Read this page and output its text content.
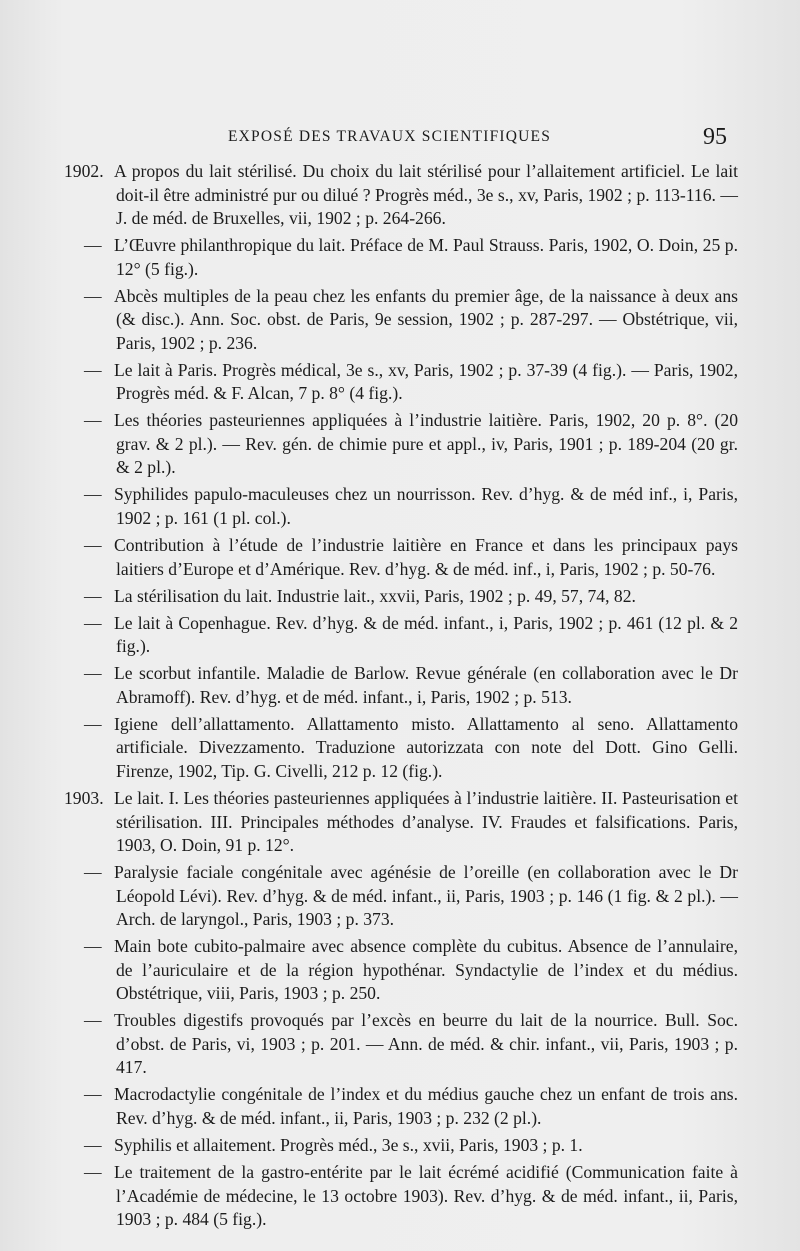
EXPOSÉ DES TRAVAUX SCIENTIFIQUES	95
1902. A propos du lait stérilisé. Du choix du lait stérilisé pour l’allaitement artificiel. Le lait doit-il être administré pur ou dilué ? Progrès méd., 3e s., xv, Paris, 1902 ; p. 113-116. — J. de méd. de Bruxelles, vii, 1902 ; p. 264-266.
— L’Œuvre philanthropique du lait. Préface de M. Paul Strauss. Paris, 1902, O. Doin, 25 p. 12° (5 fig.).
— Abcès multiples de la peau chez les enfants du premier âge, de la naissance à deux ans (& disc.). Ann. Soc. obst. de Paris, 9e session, 1902 ; p. 287-297. — Obstétrique, vii, Paris, 1902 ; p. 236.
— Le lait à Paris. Progrès médical, 3e s., xv, Paris, 1902 ; p. 37-39 (4 fig.). — Paris, 1902, Progrès méd. & F. Alcan, 7 p. 8° (4 fig.).
— Les théories pasteuriennes appliquées à l’industrie laitière. Paris, 1902, 20 p. 8°. (20 grav. & 2 pl.). — Rev. gén. de chimie pure et appl., iv, Paris, 1901 ; p. 189-204 (20 gr. & 2 pl.).
— Syphilides papulo-maculeuses chez un nourrisson. Rev. d’hyg. & de méd inf., i, Paris, 1902 ; p. 161 (1 pl. col.).
— Contribution à l’étude de l’industrie laitière en France et dans les principaux pays laitiers d’Europe et d’Amérique. Rev. d’hyg. & de méd. inf., i, Paris, 1902 ; p. 50-76.
— La stérilisation du lait. Industrie lait., xxvii, Paris, 1902 ; p. 49, 57, 74, 82.
— Le lait à Copenhague. Rev. d’hyg. & de méd. infant., i, Paris, 1902 ; p. 461 (12 pl. & 2 fig.).
— Le scorbut infantile. Maladie de Barlow. Revue générale (en collaboration avec le Dr Abramoff). Rev. d’hyg. et de méd. infant., i, Paris, 1902 ; p. 513.
— Igiene dell’allattamento. Allattamento misto. Allattamento al seno. Allattamento artificiale. Divezzamento. Traduzione autorizzata con note del Dott. Gino Gelli. Firenze, 1902, Tip. G. Civelli, 212 p. 12 (fig.).
1903. Le lait. I. Les théories pasteuriennes appliquées à l’industrie laitière. II. Pasteurisation et stérilisation. III. Principales méthodes d’analyse. IV. Fraudes et falsifications. Paris, 1903, O. Doin, 91 p. 12°.
— Paralysie faciale congénitale avec agénésie de l’oreille (en collaboration avec le Dr Léopold Lévi). Rev. d’hyg. & de méd. infant., ii, Paris, 1903 ; p. 146 (1 fig. & 2 pl.). — Arch. de laryngol., Paris, 1903 ; p. 373.
— Main bote cubito-palmaire avec absence complète du cubitus. Absence de l’annulaire, de l’auriculaire et de la région hypothénar. Syndactylie de l’index et du médius. Obstétrique, viii, Paris, 1903 ; p. 250.
— Troubles digestifs provoqués par l’excès en beurre du lait de la nourrice. Bull. Soc. d’obst. de Paris, vi, 1903 ; p. 201. — Ann. de méd. & chir. infant., vii, Paris, 1903 ; p. 417.
— Macrodactylie congénitale de l’index et du médius gauche chez un enfant de trois ans. Rev. d’hyg. & de méd. infant., ii, Paris, 1903 ; p. 232 (2 pl.).
— Syphilis et allaitement. Progrès méd., 3e s., xvii, Paris, 1903 ; p. 1.
— Le traitement de la gastro-entérite par le lait écrémé acidifié (Communication faite à l’Académie de médecine, le 13 octobre 1903). Rev. d’hyg. & de méd. infant., ii, Paris, 1903 ; p. 484 (5 fig.).
